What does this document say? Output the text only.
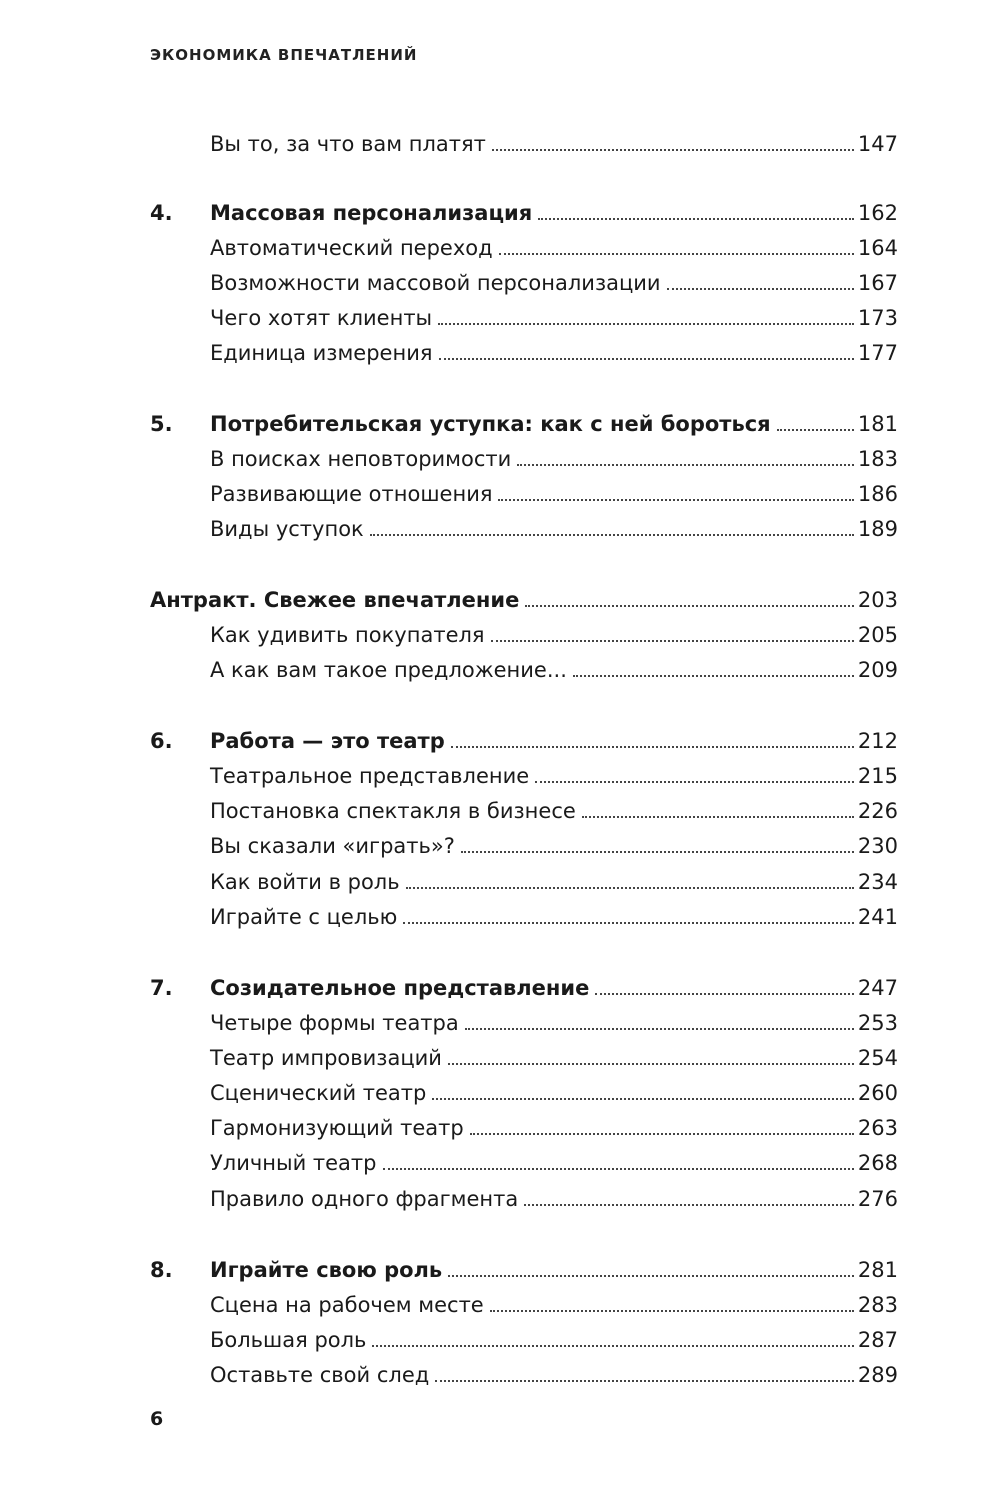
ЭКОНОМИКА ВПЕЧАТЛЕНИЙ
Вы то, за что вам платят	147
4.	Массовая персонализация	162
Автоматический переход	164
Возможности массовой персонализации	167
Чего хотят клиенты	173
Единица измерения	177
5.	Потребительская уступка: как с ней бороться	181
В поисках неповторимости	183
Развивающие отношения	186
Виды уступок	189
Антракт. Свежее впечатление	203
Как удивить покупателя	205
А как вам такое предложение...	209
6.	Работа — это театр	212
Театральное представление	215
Постановка спектакля в бизнесе	226
Вы сказали «играть»?	230
Как войти в роль	234
Играйте с целью	241
7.	Созидательное представление	247
Четыре формы театра	253
Театр импровизаций	254
Сценический театр	260
Гармонизующий театр	263
Уличный театр	268
Правило одного фрагмента	276
8.	Играйте свою роль	281
Сцена на рабочем месте	283
Большая роль	287
Оставьте свой след	289
6
